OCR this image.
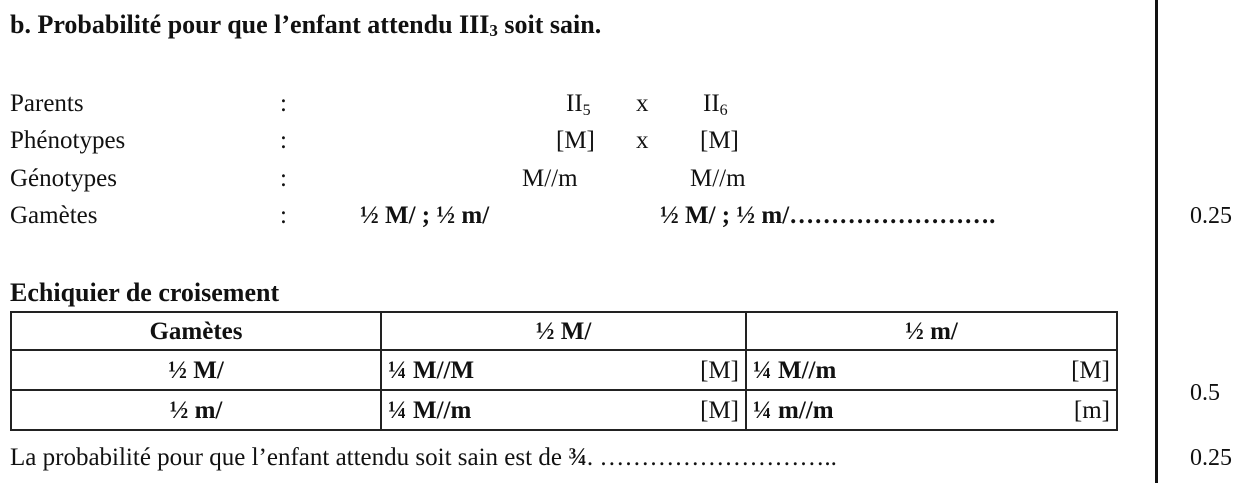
b. Probabilité pour que l’enfant attendu $III_3$ soit sain.
Parents	:	$II_5$ x $II_6$
Phénotypes	:	[M] x [M]
Génotypes	:	M//m	M//m
Gamètes	:	½ M/ ; ½ m/	½ M/ ; ½ m/…………………….
Echiquier de croisement
Gamètes	½ M/	½ m/
½ M/	¼ M//M [M]	¼ M//m [M]

½ m/	¼ M//m [M]	¼ m//m [m]
La probabilité pour que l’enfant attendu soit sain est de ¾. ………………………..
0.25
0.5
0.25
